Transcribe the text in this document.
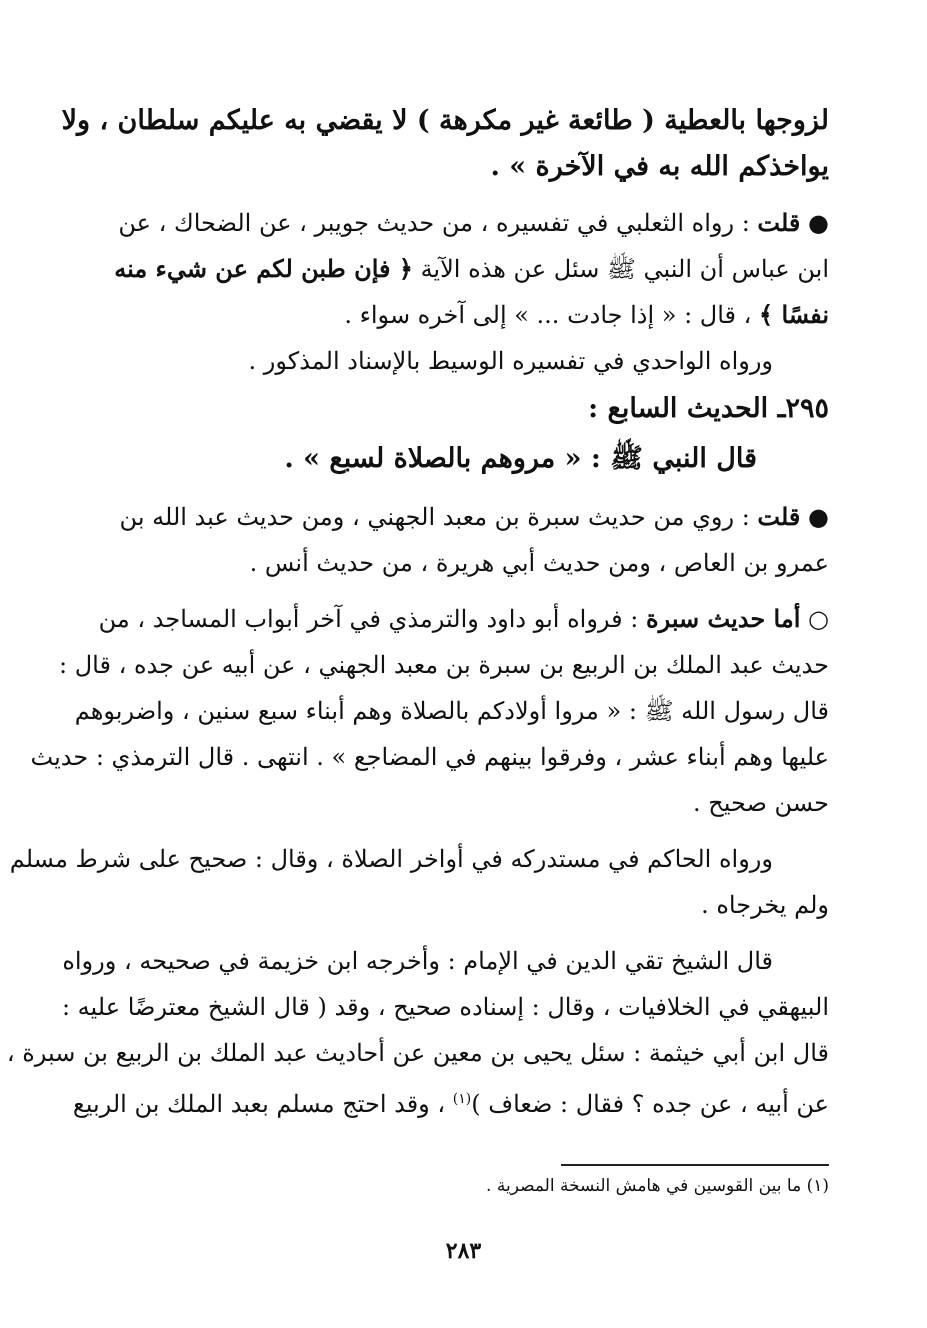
لزوجها بالعطية ( طائعة غير مكرهة ) لا يقضي به عليكم سلطان ، ولا

يواخذكم الله به في الآخرة » .

● قلت : رواه الثعلبي في تفسيره ، من حديث جويبر ، عن الضحاك ، عن

ابن عباس أن النبي ﷺ سئل عن هذه الآية ﴿ فإن طبن لكم عن شيء منه

نفسًا ﴾ ، قال : « إذا جادت ... » إلى آخره سواء .

ورواه الواحدي في تفسيره الوسيط بالإسناد المذكور .

٢٩٥ـ الحديث السابع :

قال النبي ﷺ : « مروهم بالصلاة لسبع » .

● قلت : روي من حديث سبرة بن معبد الجهني ، ومن حديث عبد الله بن

عمرو بن العاص ، ومن حديث أبي هريرة ، من حديث أنس .

○ أما حديث سبرة : فرواه أبو داود والترمذي في آخر أبواب المساجد ، من

حديث عبد الملك بن الربيع بن سبرة بن معبد الجهني ، عن أبيه عن جده ، قال :

قال رسول الله ﷺ : « مروا أولادكم بالصلاة وهم أبناء سبع سنين ، واضربوهم

عليها وهم أبناء عشر ، وفرقوا بينهم في المضاجع » . انتهى . قال الترمذي : حديث

حسن صحيح .

ورواه الحاكم في مستدركه في أواخر الصلاة ، وقال : صحيح على شرط مسلم

ولم يخرجاه .

قال الشيخ تقي الدين في الإمام : وأخرجه ابن خزيمة في صحيحه ، ورواه

البيهقي في الخلافيات ، وقال : إسناده صحيح ، وقد ( قال الشيخ معترضًا عليه :

قال ابن أبي خيثمة : سئل يحيى بن معين عن أحاديث عبد الملك بن الربيع بن سبرة ،

عن أبيه ، عن جده ؟ فقال : ضعاف )$^{(١)}$ ، وقد احتج مسلم بعبد الملك بن الربيع

(١) ما بين القوسين في هامش النسخة المصرية .
٢٨٣
